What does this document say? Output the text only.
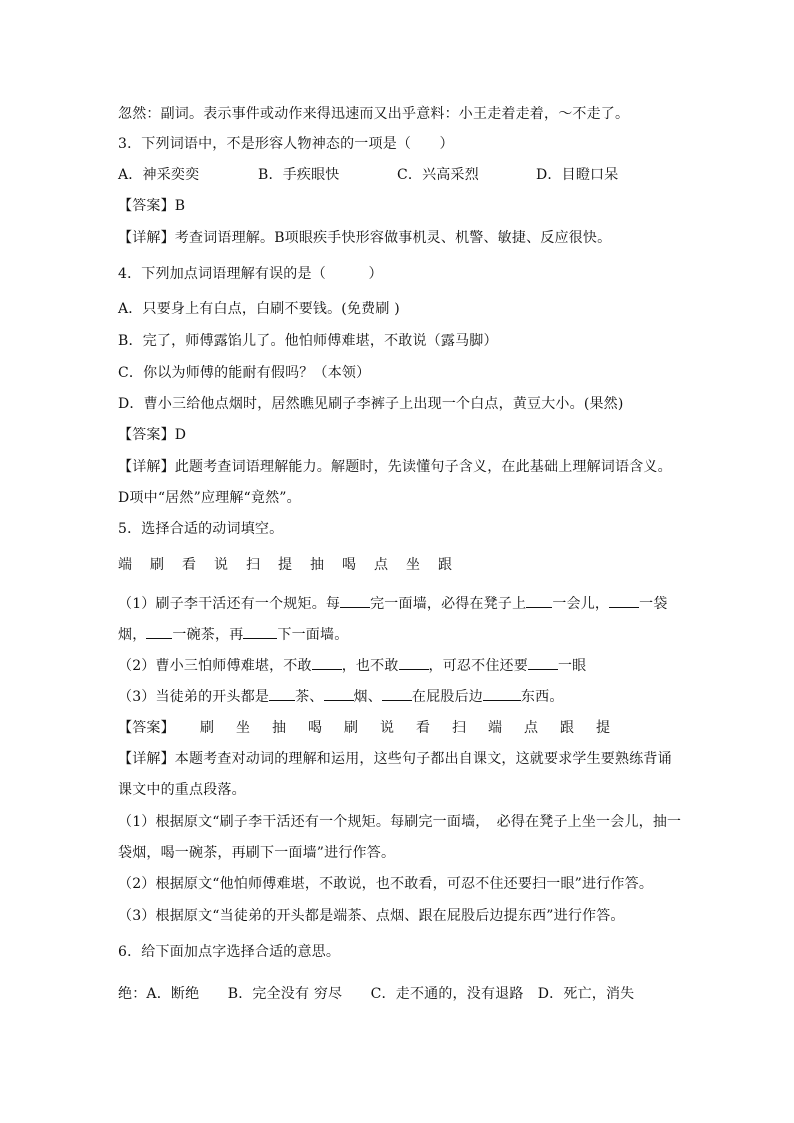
忽然：副词。表示事件或动作来得迅速而又出乎意料：小王走着走着，～不走了。
3．下列词语中，不是形容人物神态的一项是（　　）
A．神采奕奕	B．手疾眼快	C．兴高采烈	D．目瞪口呆
【答案】B
【详解】考查词语理解。B项眼疾手快形容做事机灵、机警、敏捷、反应很快。
4．下列加点词语理解有误的是（　　　）
A．只要身上有白点，白刷不要钱。(免费刷 )
B．完了，师傅露馅儿了。他怕师傅难堪，不敢说（露马脚）
C．你以为师傅的能耐有假吗？（本领）
D．曹小三给他点烟时，居然瞧见刷子李裤子上出现一个白点，黄豆大小。(果然)
【答案】D
【详解】此题考查词语理解能力。解题时，先读懂句子含义，在此基础上理解词语含义。
D项中“居然”应理解“竟然”。
5．选择合适的动词填空。
端 刷 看 说 扫 提 抽 喝 点 坐 跟
（1）刷子李干活还有一个规矩。每 完一面墙，必得在凳子上 一会儿， 一袋
烟， 一碗茶，再 下一面墙。
（2）曹小三怕师傅难堪，不敢 ，也不敢 ，可忍不住还要 一眼
（3）当徒弟的开头都是 茶、 烟、 在屁股后边	东西。
【答案】 刷 坐 抽 喝 刷 说 看 扫 端 点 跟 提
【详解】本题考查对动词的理解和运用，这些句子都出自课文，这就要求学生要熟练背诵
课文中的重点段落。
（1）根据原文“刷子李干活还有一个规矩。每刷完一面墙，　必得在凳子上坐一会儿，抽一
袋烟，喝一碗茶，再刷下一面墙”进行作答。
（2）根据原文“他怕师傅难堪，不敢说，也不敢看，可忍不住还要扫一眼”进行作答。
（3）根据原文“当徒弟的开头都是端茶、点烟、跟在屁股后边提东西”进行作答。
6．给下面加点字选择合适的意思。
绝：A．断绝　　B．完全没有 穷尽　　C．走不通的，没有退路　D．死亡，消失
